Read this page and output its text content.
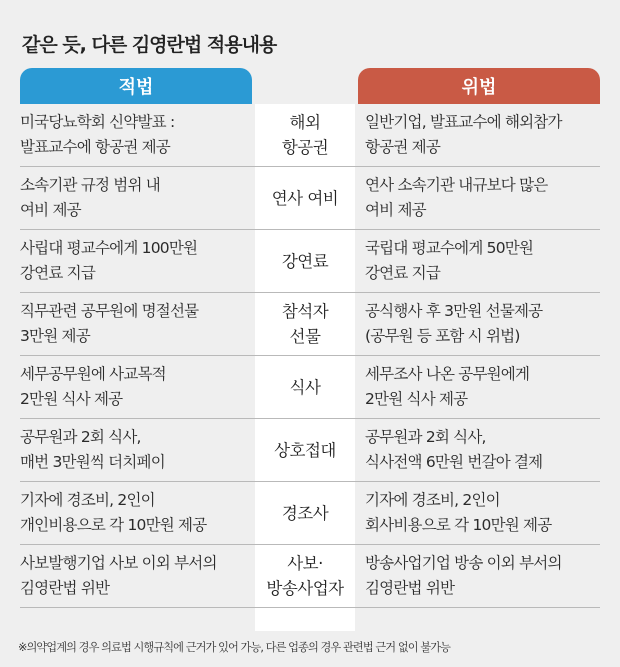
같은 듯, 다른 김영란법 적용내용
적법	위법
미국당뇨학회 신약발표 :
발표교수에 항공권 제공
해외
항공권
일반기업, 발표교수에 해외참가
항공권 제공
소속기관 규정 범위 내
여비 제공
연사 여비
연사 소속기관 내규보다 많은
여비 제공
사립대 평교수에게 100만원
강연료 지급
강연료
국립대 평교수에게 50만원
강연료 지급
직무관련 공무원에 명절선물
3만원 제공
참석자
선물
공식행사 후 3만원 선물제공
(공무원 등 포함 시 위법)
세무공무원에 사교목적
2만원 식사 제공
식사
세무조사 나온 공무원에게
2만원 식사 제공
공무원과 2회 식사,
매번 3만원씩 더치페이
상호접대
공무원과 2회 식사,
식사전액 6만원 번갈아 결제
기자에 경조비, 2인이
개인비용으로 각 10만원 제공
경조사
기자에 경조비, 2인이
회사비용으로 각 10만원 제공
사보발행기업 사보 이외 부서의
김영란법 위반
사보·
방송사업자
방송사업기업 방송 이외 부서의
김영란법 위반
※의약업계의 경우 의료법 시행규칙에 근거가 있어 가능, 다른 업종의 경우 관련법 근거 없이 불가능
